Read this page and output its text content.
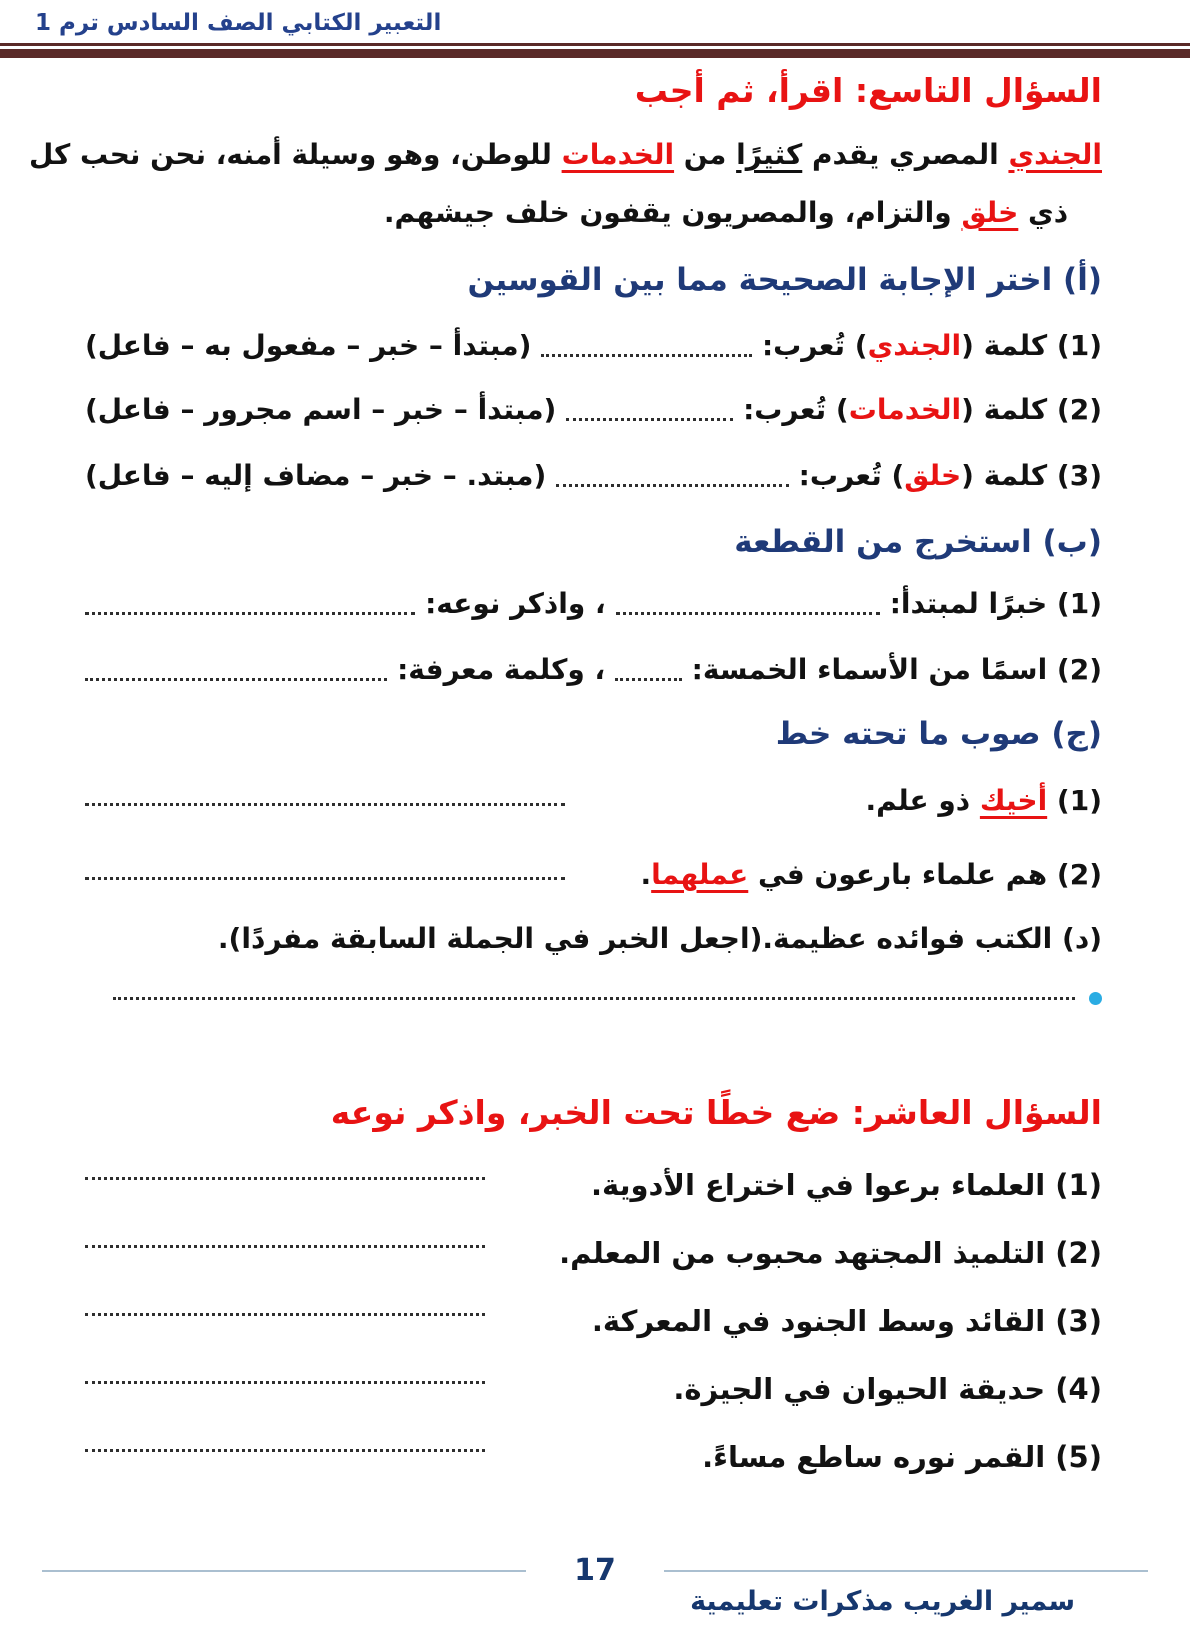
التعبير الكتابي الصف السادس ترم 1
السؤال التاسع: اقرأ، ثم أجب
الجندي المصري يقدم كثيرًا من الخدمات للوطن، وهو وسيلة أمنه، نحن نحب كل
ذي خلق والتزام، والمصريون يقفون خلف جيشهم.
(أ) اختر الإجابة الصحيحة مما بين القوسين
(1) كلمة (الجندي) تُعرب:
(مبتدأ – خبر – مفعول به – فاعل)
(2) كلمة (الخدمات) تُعرب:
(مبتدأ – خبر – اسم مجرور – فاعل)
(3) كلمة (خلق) تُعرب:
(مبتد. – خبر – مضاف إليه – فاعل)
(ب) استخرج من القطعة
(1) خبرًا لمبتدأ:
، واذكر نوعه:
(2) اسمًا من الأسماء الخمسة:
، وكلمة معرفة:
(ج) صوب ما تحته خط
(1) أخيك ذو علم.
(2) هم علماء بارعون في عملهما.
(د) الكتب فوائده عظيمة.
(اجعل الخبر في الجملة السابقة مفردًا).
السؤال العاشر: ضع خطًا تحت الخبر، واذكر نوعه
(1) العلماء برعوا في اختراع الأدوية.
(2) التلميذ المجتهد محبوب من المعلم.
(3) القائد وسط الجنود في المعركة.
(4) حديقة الحيوان في الجيزة.
(5) القمر نوره ساطع مساءً.
17
سمير الغريب مذكرات تعليمية
